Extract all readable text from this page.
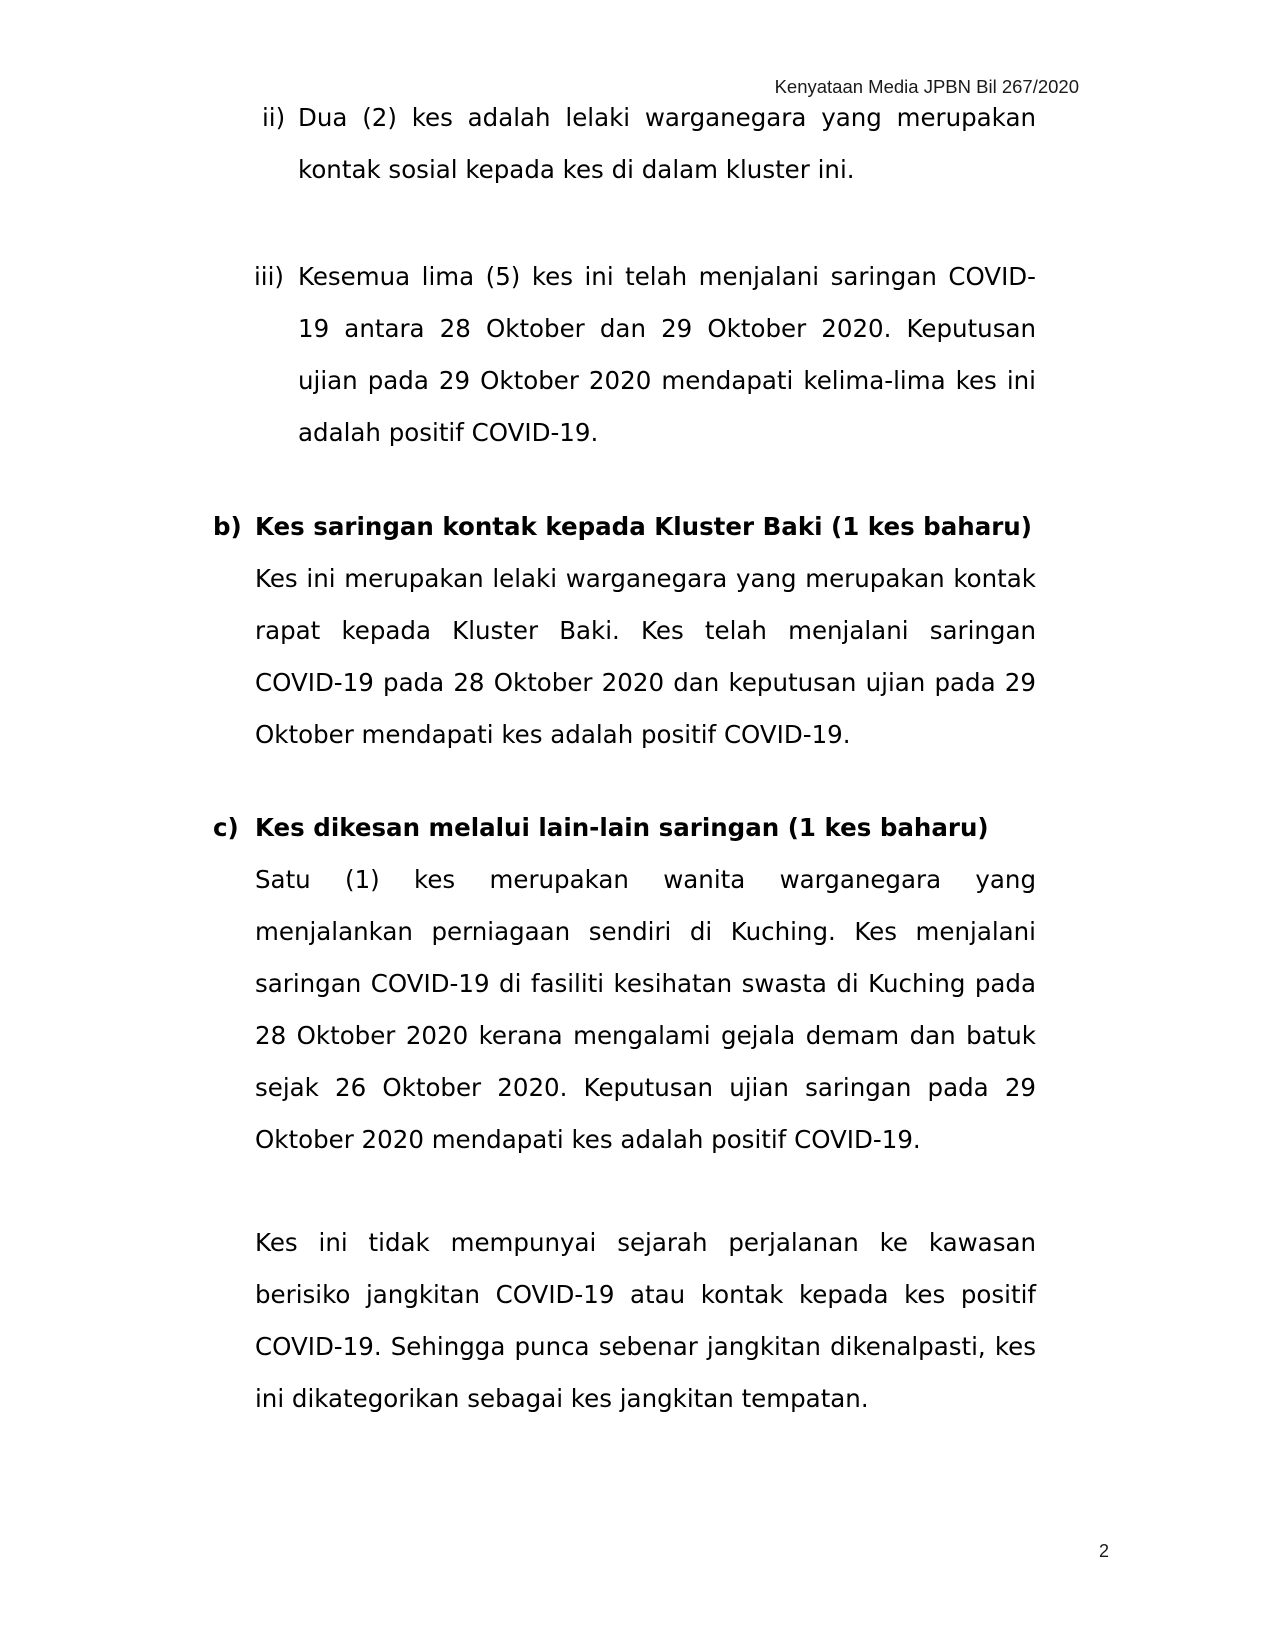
Kenyataan Media JPBN Bil 267/2020

ii) Dua (2) kes adalah lelaki warganegara yang merupakan kontak sosial kepada kes di dalam kluster ini.

iii) Kesemua lima (5) kes ini telah menjalani saringan COVID-19 antara 28 Oktober dan 29 Oktober 2020. Keputusan ujian pada 29 Oktober 2020 mendapati kelima-lima kes ini adalah positif COVID-19.

b) Kes saringan kontak kepada Kluster Baki (1 kes baharu)

Kes ini merupakan lelaki warganegara yang merupakan kontak rapat kepada Kluster Baki. Kes telah menjalani saringan COVID-19 pada 28 Oktober 2020 dan keputusan ujian pada 29 Oktober mendapati kes adalah positif COVID-19.

c) Kes dikesan melalui lain-lain saringan (1 kes baharu)

Satu (1) kes merupakan wanita warganegara yang menjalankan perniagaan sendiri di Kuching. Kes menjalani saringan COVID-19 di fasiliti kesihatan swasta di Kuching pada 28 Oktober 2020 kerana mengalami gejala demam dan batuk sejak 26 Oktober 2020. Keputusan ujian saringan pada 29 Oktober 2020 mendapati kes adalah positif COVID-19.

Kes ini tidak mempunyai sejarah perjalanan ke kawasan berisiko jangkitan COVID-19 atau kontak kepada kes positif COVID-19. Sehingga punca sebenar jangkitan dikenalpasti, kes ini dikategorikan sebagai kes jangkitan tempatan.

2
